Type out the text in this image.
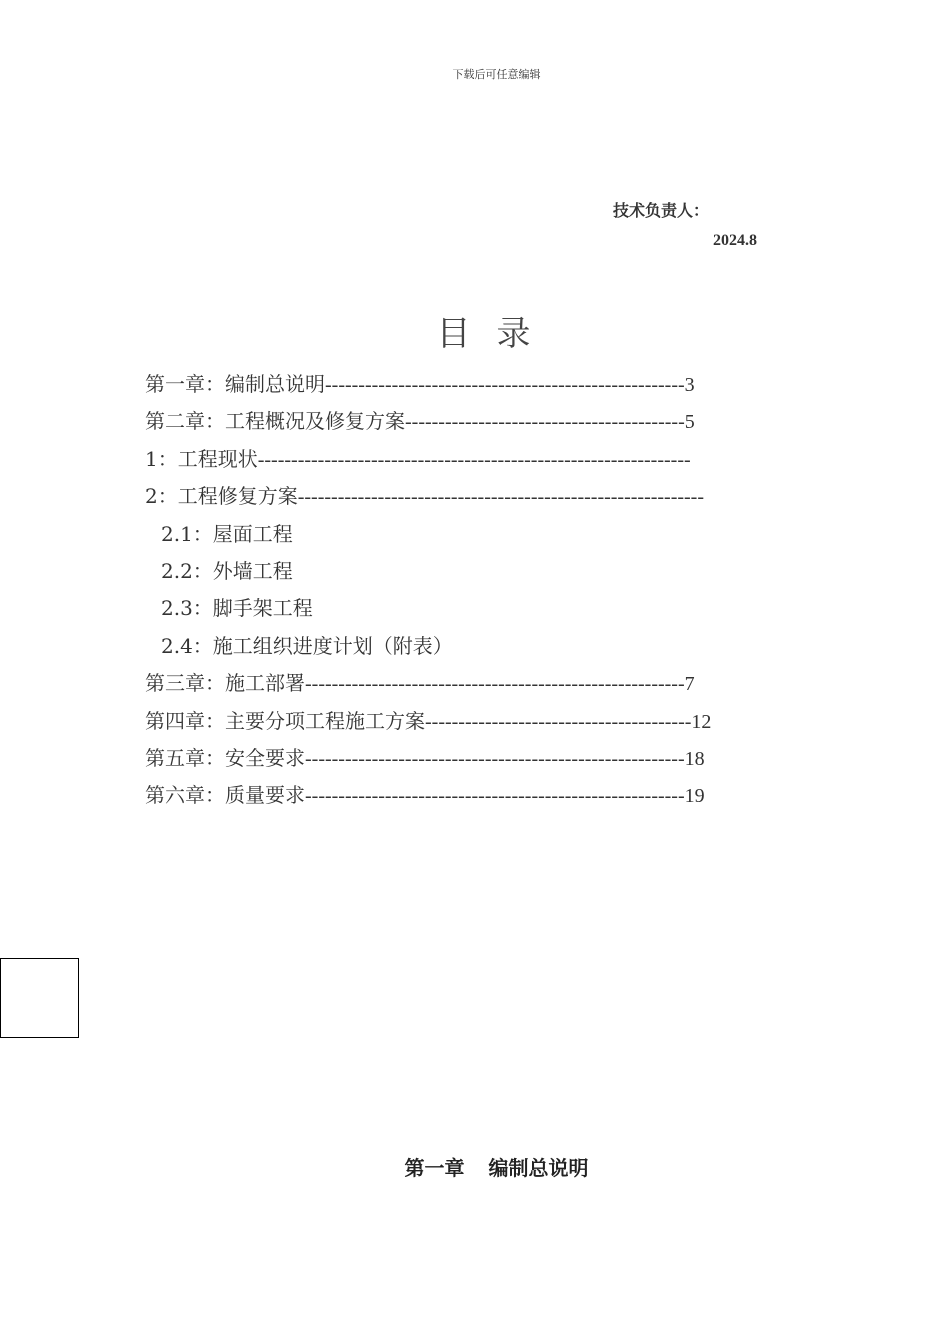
下载后可任意编辑
技术负责人：
2024.8
目录
第一章：编制总说明------------------------------------------------------3
第二章：工程概况及修复方案------------------------------------------5
1：工程现状-----------------------------------------------------------------
2：工程修复方案-------------------------------------------------------------
2.1：屋面工程
2.2：外墙工程
2.3：脚手架工程
2.4：施工组织进度计划（附表）
第三章：施工部署---------------------------------------------------------7
第四章：主要分项工程施工方案----------------------------------------12
第五章：安全要求---------------------------------------------------------18
第六章：质量要求---------------------------------------------------------19
第一章 编制总说明
